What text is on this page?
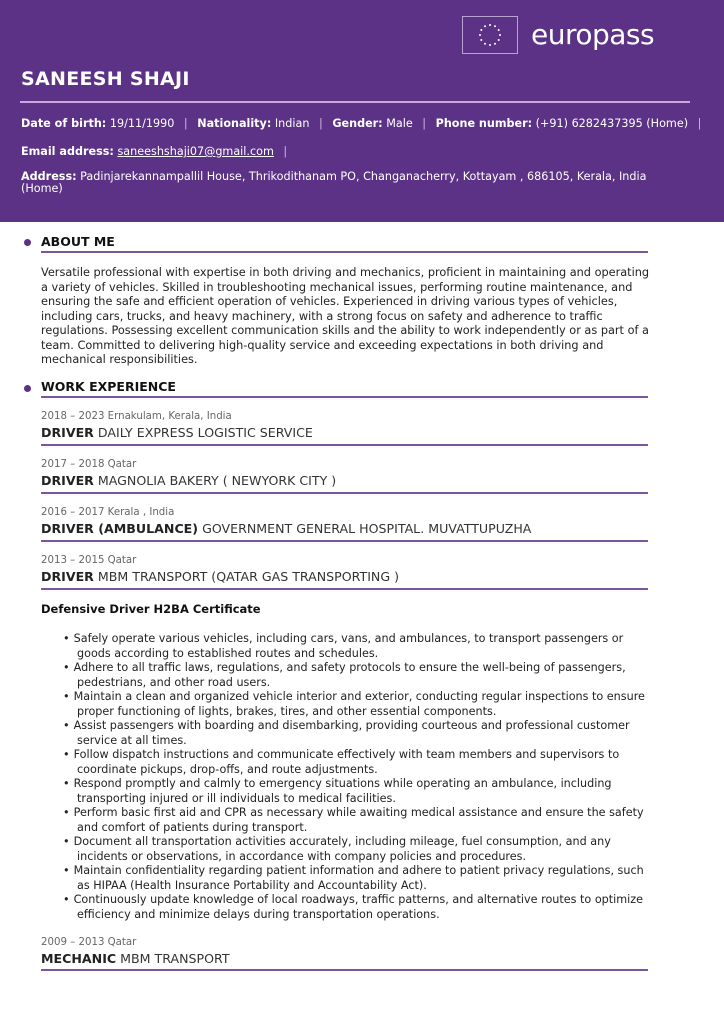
europass
SANEESH SHAJI
Date of birth: 19/11/1990 | Nationality: Indian | Gender: Male | Phone number: (+91) 6282437395 (Home) |
Email address: saneeshshaji07@gmail.com |
Address: Padinjarekannampallil House, Thrikodithanam PO, Changanacherry, Kottayam , 686105, Kerala, India (Home)
ABOUT ME
Versatile professional with expertise in both driving and mechanics, proficient in maintaining and operating a variety of vehicles. Skilled in troubleshooting mechanical issues, performing routine maintenance, and ensuring the safe and efficient operation of vehicles. Experienced in driving various types of vehicles, including cars, trucks, and heavy machinery, with a strong focus on safety and adherence to traffic regulations. Possessing excellent communication skills and the ability to work independently or as part of a team. Committed to delivering high-quality service and exceeding expectations in both driving and mechanical responsibilities.
WORK EXPERIENCE
2018 – 2023 Ernakulam, Kerala, India
DRIVER DAILY EXPRESS LOGISTIC SERVICE
2017 – 2018 Qatar
DRIVER MAGNOLIA BAKERY ( NEWYORK CITY )
2016 – 2017 Kerala , India
DRIVER (AMBULANCE) GOVERNMENT GENERAL HOSPITAL. MUVATTUPUZHA
2013 – 2015 Qatar
DRIVER MBM TRANSPORT (QATAR GAS TRANSPORTING )
Defensive Driver H2BA Certificate
• Safely operate various vehicles, including cars, vans, and ambulances, to transport passengers or goods according to established routes and schedules.
• Adhere to all traffic laws, regulations, and safety protocols to ensure the well-being of passengers, pedestrians, and other road users.
• Maintain a clean and organized vehicle interior and exterior, conducting regular inspections to ensure proper functioning of lights, brakes, tires, and other essential components.
• Assist passengers with boarding and disembarking, providing courteous and professional customer service at all times.
• Follow dispatch instructions and communicate effectively with team members and supervisors to coordinate pickups, drop-offs, and route adjustments.
• Respond promptly and calmly to emergency situations while operating an ambulance, including transporting injured or ill individuals to medical facilities.
• Perform basic first aid and CPR as necessary while awaiting medical assistance and ensure the safety and comfort of patients during transport.
• Document all transportation activities accurately, including mileage, fuel consumption, and any incidents or observations, in accordance with company policies and procedures.
• Maintain confidentiality regarding patient information and adhere to patient privacy regulations, such as HIPAA (Health Insurance Portability and Accountability Act).
• Continuously update knowledge of local roadways, traffic patterns, and alternative routes to optimize efficiency and minimize delays during transportation operations.
2009 – 2013 Qatar
MECHANIC MBM TRANSPORT
